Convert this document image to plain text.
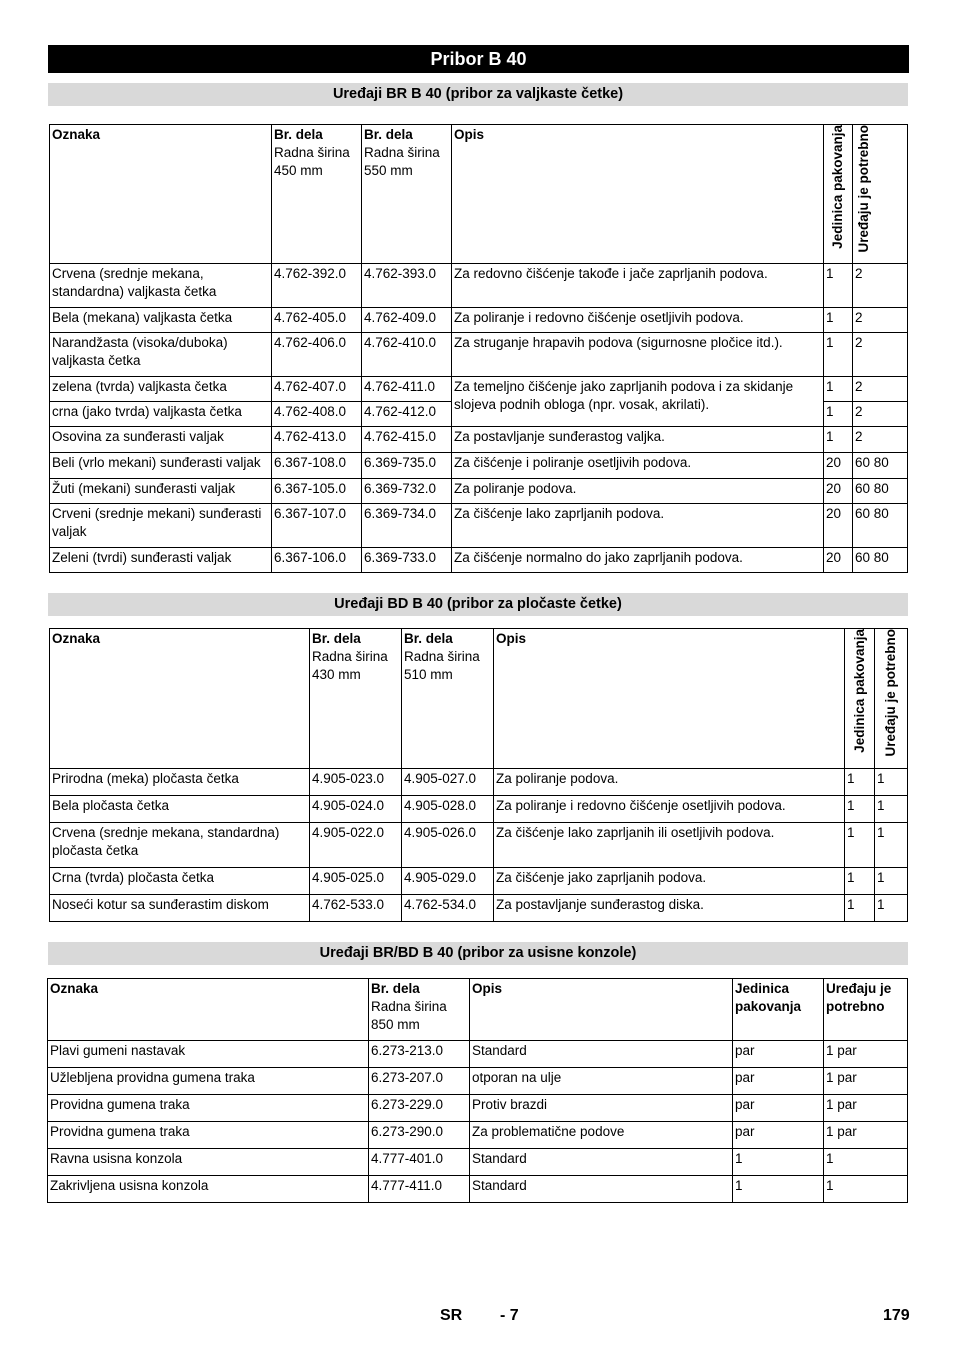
Pribor B 40
Uređaji BR B 40 (pribor za valjkaste četke)
Oznaka	Br. dela
Radna širina
450 mm	Br. dela
Radna širina
550 mm	Opis	Jedinica pakovanja	Uređaju je potrebno

Crvena (srednje mekana, standardna) valjkasta četka	4.762-392.0	4.762-393.0	Za redovno čišćenje takođe i jače zaprljanih podova.	1	2
Bela (mekana) valjkasta četka	4.762-405.0	4.762-409.0	Za poliranje i redovno čišćenje osetljivih podova.	1	2
Narandžasta (visoka/duboka) valjkasta četka	4.762-406.0	4.762-410.0	Za struganje hrapavih podova (sigurnosne pločice itd.).	1	2
zelena (tvrda) valjkasta četka	4.762-407.0	4.762-411.0	Za temeljno čišćenje jako zaprljanih podova i za skidanje slojeva podnih obloga (npr. vosak, akrilati).	1	2
crna (jako tvrda) valjkasta četka	4.762-408.0	4.762-412.0		1	2
Osovina za sunđerasti valjak	4.762-413.0	4.762-415.0	Za postavljanje sunđerastog valjka.	1	2
Beli (vrlo mekani) sunđerasti valjak	6.367-108.0	6.369-735.0	Za čišćenje i poliranje osetljivih podova.	20	60 80
Žuti (mekani) sunđerasti valjak	6.367-105.0	6.369-732.0	Za poliranje podova.	20	60 80
Crveni (srednje mekani) sunđerasti valjak	6.367-107.0	6.369-734.0	Za čišćenje lako zaprljanih podova.	20	60 80
Zeleni (tvrdi) sunđerasti valjak	6.367-106.0	6.369-733.0	Za čišćenje normalno do jako zaprljanih podova.	20	60 80
Uređaji BD B 40 (pribor za pločaste četke)
Oznaka	Br. dela
Radna širina
430 mm	Br. dela
Radna širina
510 mm	Opis	Jedinica pakovanja	Uređaju je potrebno

Prirodna (meka) pločasta četka	4.905-023.0	4.905-027.0	Za poliranje podova.	1	1
Bela pločasta četka	4.905-024.0	4.905-028.0	Za poliranje i redovno čišćenje osetljivih podova.	1	1
Crvena (srednje mekana, standardna) pločasta četka	4.905-022.0	4.905-026.0	Za čišćenje lako zaprljanih ili osetljivih podova.	1	1
Crna (tvrda) pločasta četka	4.905-025.0	4.905-029.0	Za čišćenje jako zaprljanih podova.	1	1
Noseći kotur sa sunđerastim diskom	4.762-533.0	4.762-534.0	Za postavljanje sunđerastog diska.	1	1
Uređaji BR/BD B 40 (pribor za usisne konzole)
Oznaka	Br. dela
Radna širina
850 mm	Opis	Jedinica
pakovanja	Uređaju je
potrebno
Plavi gumeni nastavak	6.273-213.0	Standard	par	1 par
Užlebljena providna gumena traka	6.273-207.0	otporan na ulje	par	1 par
Providna gumena traka	6.273-229.0	Protiv brazdi	par	1 par
Providna gumena traka	6.273-290.0	Za problematične podove	par	1 par
Ravna usisna konzola	4.777-401.0	Standard	1	1
Zakrivljena usisna konzola	4.777-411.0	Standard	1	1
SR - 7	179
